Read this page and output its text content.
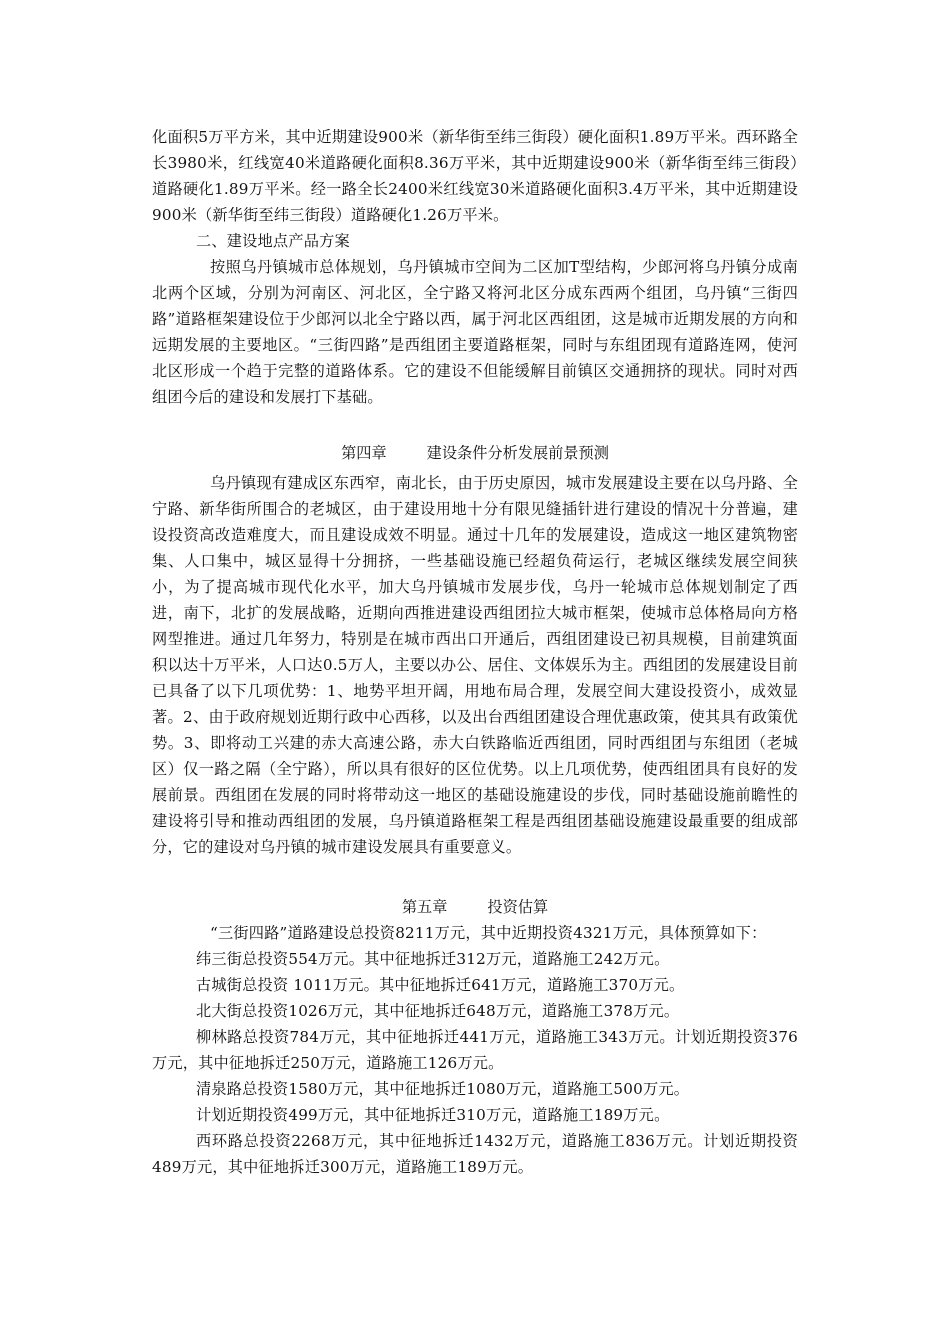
化面积5万平方米，其中近期建设900米（新华街至纬三街段）硬化面积1.89万平米。西环路全长3980米，红线宽40米道路硬化面积8.36万平米，其中近期建设900米（新华街至纬三街段）道路硬化1.89万平米。经一路全长2400米红线宽30米道路硬化面积3.4万平米，其中近期建设900米（新华街至纬三街段）道路硬化1.26万平米。

二、建设地点产品方案

按照乌丹镇城市总体规划，乌丹镇城市空间为二区加T型结构，少郎河将乌丹镇分成南北两个区域，分别为河南区、河北区，全宁路又将河北区分成东西两个组团，乌丹镇“三街四路”道路框架建设位于少郎河以北全宁路以西，属于河北区西组团，这是城市近期发展的方向和远期发展的主要地区。“三街四路”是西组团主要道路框架，同时与东组团现有道路连网，使河北区形成一个趋于完整的道路体系。它的建设不但能缓解目前镇区交通拥挤的现状。同时对西组团今后的建设和发展打下基础。

第四章	建设条件分析发展前景预测

乌丹镇现有建成区东西窄，南北长，由于历史原因，城市发展建设主要在以乌丹路、全宁路、新华街所围合的老城区，由于建设用地十分有限见缝插针进行建设的情况十分普遍，建设投资高改造难度大，而且建设成效不明显。通过十几年的发展建设，造成这一地区建筑物密集、人口集中，城区显得十分拥挤，一些基础设施已经超负荷运行，老城区继续发展空间狭小，为了提高城市现代化水平，加大乌丹镇城市发展步伐，乌丹一轮城市总体规划制定了西进，南下，北扩的发展战略，近期向西推进建设西组团拉大城市框架，使城市总体格局向方格网型推进。通过几年努力，特别是在城市西出口开通后，西组团建设已初具规模，目前建筑面积以达十万平米，人口达0.5万人，主要以办公、居住、文体娱乐为主。西组团的发展建设目前已具备了以下几项优势：1、地势平坦开阔，用地布局合理，发展空间大建设投资小，成效显著。2、由于政府规划近期行政中心西移，以及出台西组团建设合理优惠政策，使其具有政策优势。3、即将动工兴建的赤大高速公路，赤大白铁路临近西组团，同时西组团与东组团（老城区）仅一路之隔（全宁路），所以具有很好的区位优势。以上几项优势，使西组团具有良好的发展前景。西组团在发展的同时将带动这一地区的基础设施建设的步伐，同时基础设施前瞻性的建设将引导和推动西组团的发展，乌丹镇道路框架工程是西组团基础设施建设最重要的组成部分，它的建设对乌丹镇的城市建设发展具有重要意义。

第五章	投资估算

“三街四路”道路建设总投资8211万元，其中近期投资4321万元，具体预算如下：

纬三街总投资554万元。其中征地拆迁312万元，道路施工242万元。

古城街总投资 1011万元。其中征地拆迁641万元，道路施工370万元。

北大街总投资1026万元，其中征地拆迁648万元，道路施工378万元。

柳林路总投资784万元，其中征地拆迁441万元，道路施工343万元。计划近期投资376万元，其中征地拆迁250万元，道路施工126万元。

清泉路总投资1580万元，其中征地拆迁1080万元，道路施工500万元。

计划近期投资499万元，其中征地拆迁310万元，道路施工189万元。

西环路总投资2268万元，其中征地拆迁1432万元，道路施工836万元。计划近期投资489万元，其中征地拆迁300万元，道路施工189万元。
